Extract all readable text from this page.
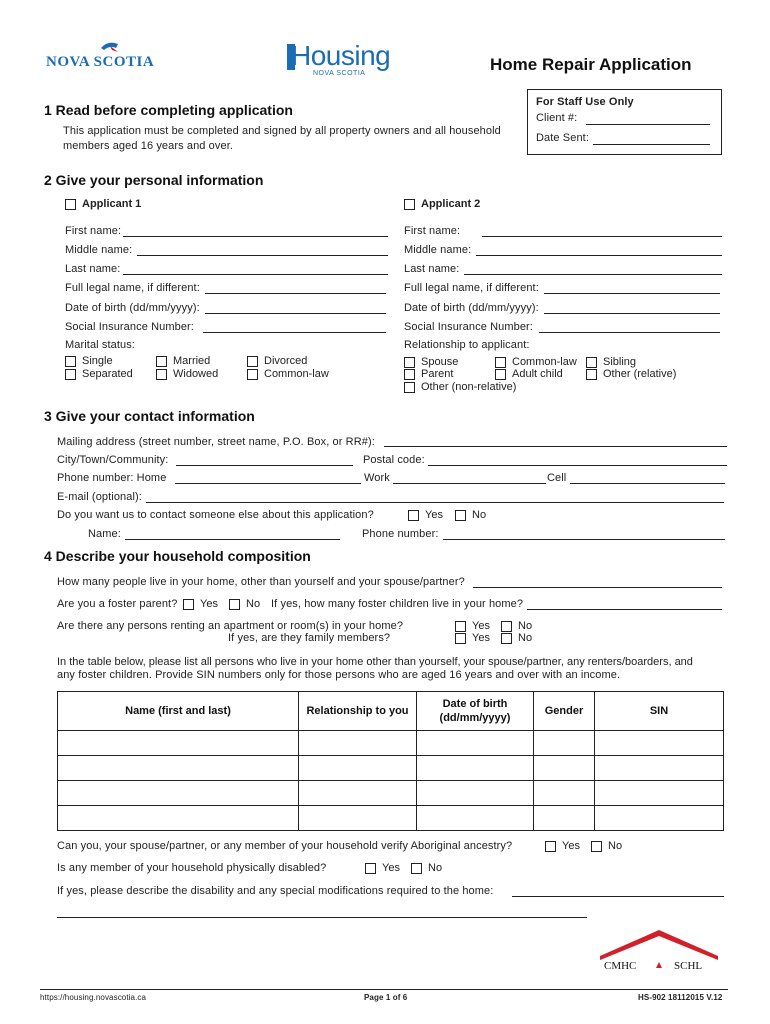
NOVA SCOTIA	Housing
NOVA SCOTIA	Home Repair Application
For Staff Use Only
Client #:
Date Sent:
1 Read before completing application
This application must be completed and signed by all property owners and all household
members aged 16 years and over.
2 Give your personal information
Applicant 1	Applicant 2
First name:
Middle name:
Last name:
Full legal name, if different:
Date of birth (dd/mm/yyyy):
Social Insurance Number:
Marital status:
Single
Separated
Married
Widowed
Divorced
Common-law
First name:
Middle name:
Last name:
Full legal name, if different:
Date of birth (dd/mm/yyyy):
Social Insurance Number:
Relationship to applicant:
Spouse
Parent
Other (non-relative)
Common-law
Adult child
Sibling
Other (relative)
3 Give your contact information
Mailing address (street number, street name, P.O. Box, or RR#):
City/Town/Community:	Postal code:
Phone number: Home	Work	Cell
E-mail (optional):
Do you want us to contact someone else about this application?	Yes	No
Name:	Phone number:
4 Describe your household composition
How many people live in your home, other than yourself and your spouse/partner?
Are you a foster parent? Yes	No If yes, how many foster children live in your home?
Are there any persons renting an apartment or room(s) in your home?
If yes, are they family members?
Yes	No
Yes	No
In the table below, please list all persons who live in your home other than yourself, your spouse/partner, any renters/boarders, and
any foster children. Provide SIN numbers only for those persons who are aged 16 years and over with an income.
Name (first and last)	Relationship to you	Date of birth (dd/mm/yyyy)	Gender	SIN

Can you, your spouse/partner, or any member of your household verify Aboriginal ancestry?	Yes	No
Is any member of your household physically disabled?	Yes	No
If yes, please describe the disability and any special modifications required to the home:
CMHC	SCHL
https://housing.novascotia.ca	Page 1 of 6	HS-902 18112015 V.12
